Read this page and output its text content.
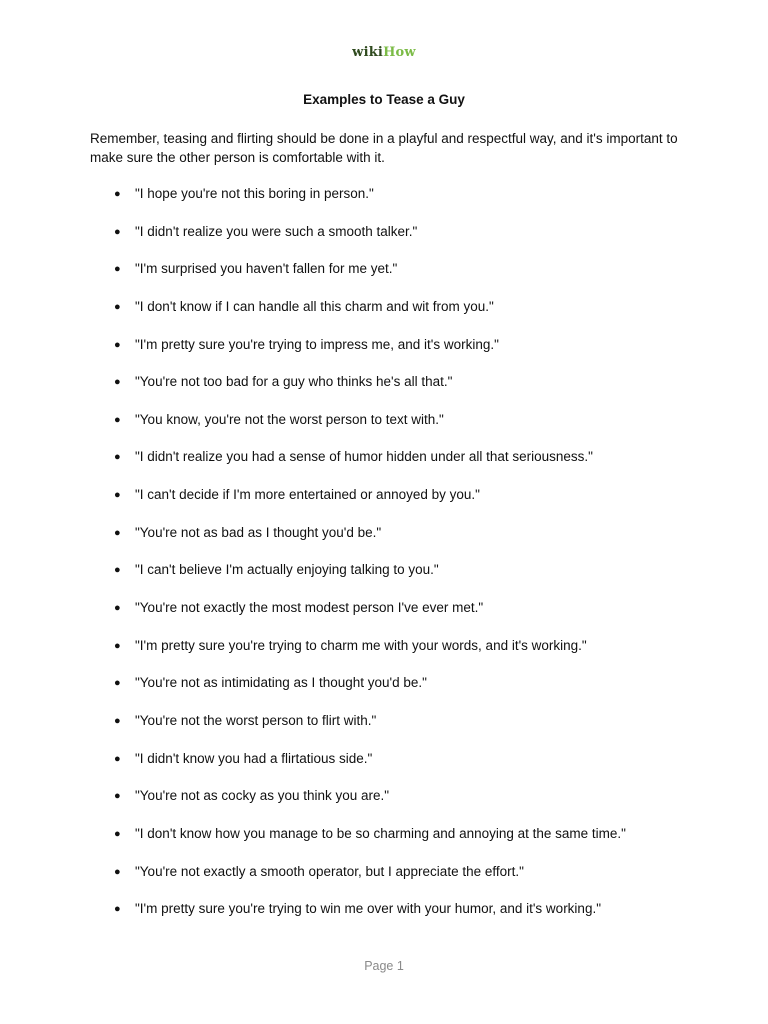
wikiHow
Examples to Tease a Guy
Remember, teasing and flirting should be done in a playful and respectful way, and it's important to make sure the other person is comfortable with it.
● "I hope you're not this boring in person."
● "I didn't realize you were such a smooth talker."
● "I'm surprised you haven't fallen for me yet."
● "I don't know if I can handle all this charm and wit from you."
● "I'm pretty sure you're trying to impress me, and it's working."
● "You're not too bad for a guy who thinks he's all that."
● "You know, you're not the worst person to text with."
● "I didn't realize you had a sense of humor hidden under all that seriousness."
● "I can't decide if I'm more entertained or annoyed by you."
● "You're not as bad as I thought you'd be."
● "I can't believe I'm actually enjoying talking to you."
● "You're not exactly the most modest person I've ever met."
● "I'm pretty sure you're trying to charm me with your words, and it's working."
● "You're not as intimidating as I thought you'd be."
● "You're not the worst person to flirt with."
● "I didn't know you had a flirtatious side."
● "You're not as cocky as you think you are."
● "I don't know how you manage to be so charming and annoying at the same time."
● "You're not exactly a smooth operator, but I appreciate the effort."
● "I'm pretty sure you're trying to win me over with your humor, and it's working."
Page 1
